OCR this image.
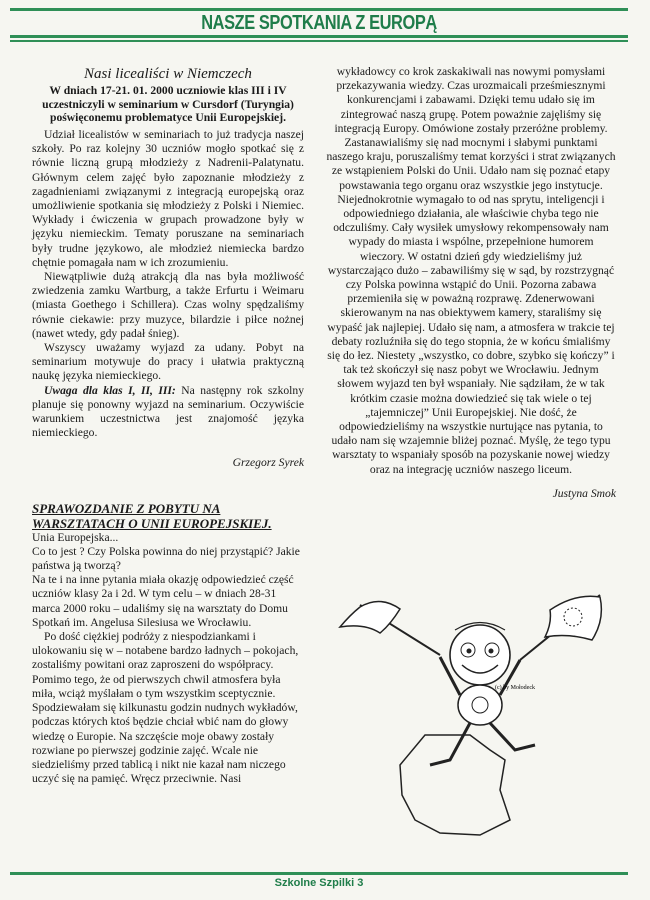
NASZE SPOTKANIA Z EUROPĄ
Nasi licealiści w Niemczech
W dniach 17-21. 01. 2000 uczniowie klas III i IV uczestniczyli w seminarium w Cursdorf (Turyngia) poświęconemu problematyce Unii Europejskiej.

Udział licealistów w seminariach to już tradycja naszej szkoły. Po raz kolejny 30 uczniów mogło spotkać się z równie liczną grupą młodzieży z Nadrenii-Palatynatu. Głównym celem zajęć było zapoznanie młodzieży z zagadnieniami związanymi z integracją europejską oraz umożliwienie spotkania się młodzieży z Polski i Niemiec. Wykłady i ćwiczenia w grupach prowadzone były w języku niemieckim. Tematy poruszane na seminariach były trudne językowo, ale młodzież niemiecka bardzo chętnie pomagała nam w ich zrozumieniu.

Niewątpliwie dużą atrakcją dla nas była możliwość zwiedzenia zamku Wartburg, a także Erfurtu i Weimaru (miasta Goethego i Schillera). Czas wolny spędzaliśmy równie ciekawie: przy muzyce, bilardzie i piłce nożnej (nawet wtedy, gdy padał śnieg).

Wszyscy uważamy wyjazd za udany. Pobyt na seminarium motywuje do pracy i ułatwia praktyczną naukę języka niemieckiego.

Uwaga dla klas I, II, III: Na następny rok szkolny planuje się ponowny wyjazd na seminarium. Oczywiście warunkiem uczestnictwa jest znajomość języka niemieckiego.

Grzegorz Syrek
SPRAWOZDANIE Z POBYTU NA WARSZTATACH O UNII EUROPEJSKIEJ.

Unia Europejska...
Co to jest ? Czy Polska powinna do niej przystąpić? Jakie państwa ją tworzą?
Na te i na inne pytania miała okazję odpowiedzieć część uczniów klasy 2a i 2d. W tym celu – w dniach 28-31 marca 2000 roku – udaliśmy się na warsztaty do Domu Spotkań im. Angelusa Silesiusa we Wrocławiu.

Po dość ciężkiej podróży z niespodziankami i ulokowaniu się w – notabene bardzo ładnych – pokojach, zostaliśmy powitani oraz zaproszeni do współpracy. Pomimo tego, że od pierwszych chwil atmosfera była miła, wciąż myślałam o tym wszystkim sceptycznie. Spodziewałam się kilkunastu godzin nudnych wykładów, podczas których ktoś będzie chciał wbić nam do głowy wiedzę o Europie. Na szczęście moje obawy zostały rozwiane po pierwszej godzinie zajęć. Wcale nie siedzieliśmy przed tablicą i nikt nie kazał nam niczego uczyć się na pamięć. Wręcz przeciwnie. Nasi

wykładowcy co krok zaskakiwali nas nowymi pomysłami przekazywania wiedzy. Czas urozmaicali prześmiesznymi konkurencjami i zabawami. Dzięki temu udało się im zintegrować naszą grupę. Potem poważnie zajęliśmy się integracją Europy. Omówione zostały przeróżne problemy. Zastanawialiśmy się nad mocnymi i słabymi punktami naszego kraju, poruszaliśmy temat korzyści i strat związanych ze wstąpieniem Polski do Unii. Udało nam się poznać etapy powstawania tego organu oraz wszystkie jego instytucje. Niejednokrotnie wymagało to od nas sprytu, inteligencji i odpowiedniego działania, ale właściwie chyba tego nie odczuliśmy. Cały wysiłek umysłowy rekompensowały nam wypady do miasta i wspólne, przepełnione humorem wieczory. W ostatni dzień gdy wiedzieliśmy już wystarczająco dużo – zabawiliśmy się w sąd, by rozstrzygnąć czy Polska powinna wstąpić do Unii. Pozorna zabawa przemieniła się w poważną rozprawę. Zdenerwowani skierowanym na nas obiektywem kamery, staraliśmy się wypaść jak najlepiej. Udało się nam, a atmosfera w trakcie tej debaty rozluźniła się do tego stopnia, że w końcu śmialiśmy się do łez. Niestety „wszystko, co dobre, szybko się kończy” i tak też skończył się nasz pobyt we Wrocławiu. Jednym słowem wyjazd ten był wspaniały. Nie sądziłam, że w tak krótkim czasie można dowiedzieć się tak wiele o tej „tajemniczej” Unii Europejskiej. Nie dość, że odpowiedzieliśmy na wszystkie nurtujące nas pytania, to udało nam się wzajemnie bliżej poznać. Myślę, że tego typu warsztaty to wspaniały sposób na pozyskanie nowej wiedzy oraz na integrację uczniów naszego liceum.

Justyna Smok
(c) by Mołodeck
Szkolne Szpilki 3
